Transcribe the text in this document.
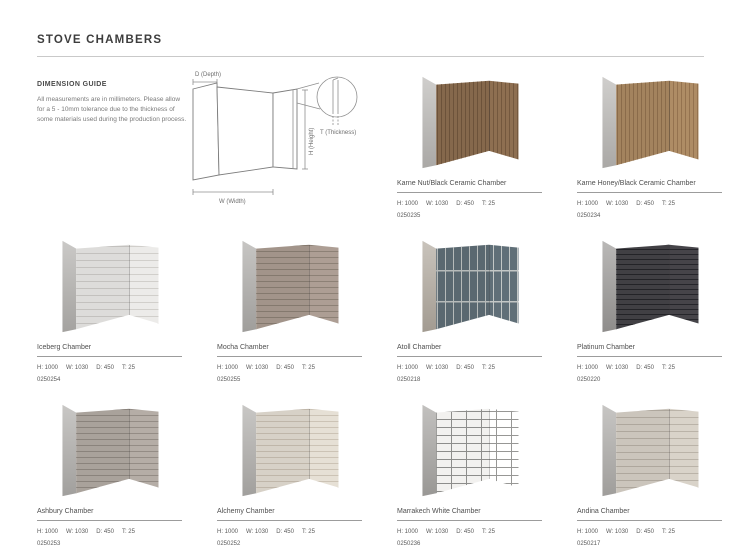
STOVE CHAMBERS
DIMENSION GUIDE

All measurements are in millimeters. Please allow for a 5 - 10mm tolerance due to the thickness of some materials used during the production process.

D (Depth)
H (Height)
W (Width)
T (Thickness)
Karne Nut/Black Ceramic Chamber
H: 1000 W: 1030 D: 450 T: 25
0250235
Karne Honey/Black Ceramic Chamber
H: 1000 W: 1030 D: 450 T: 25
0250234
Iceberg Chamber
H: 1000 W: 1030 D: 450 T: 25
0250254
Mocha Chamber
H: 1000 W: 1030 D: 450 T: 25
0250255
Atoll Chamber
H: 1000 W: 1030 D: 450 T: 25
0250218
Platinum Chamber
H: 1000 W: 1030 D: 450 T: 25
0250220
Ashbury Chamber
H: 1000 W: 1030 D: 450 T: 25
0250253
Alchemy Chamber
H: 1000 W: 1030 D: 450 T: 25
0250252
Marrakech White Chamber
H: 1000 W: 1030 D: 450 T: 25
0250236
Andina Chamber
H: 1000 W: 1030 D: 450 T: 25
0250217
